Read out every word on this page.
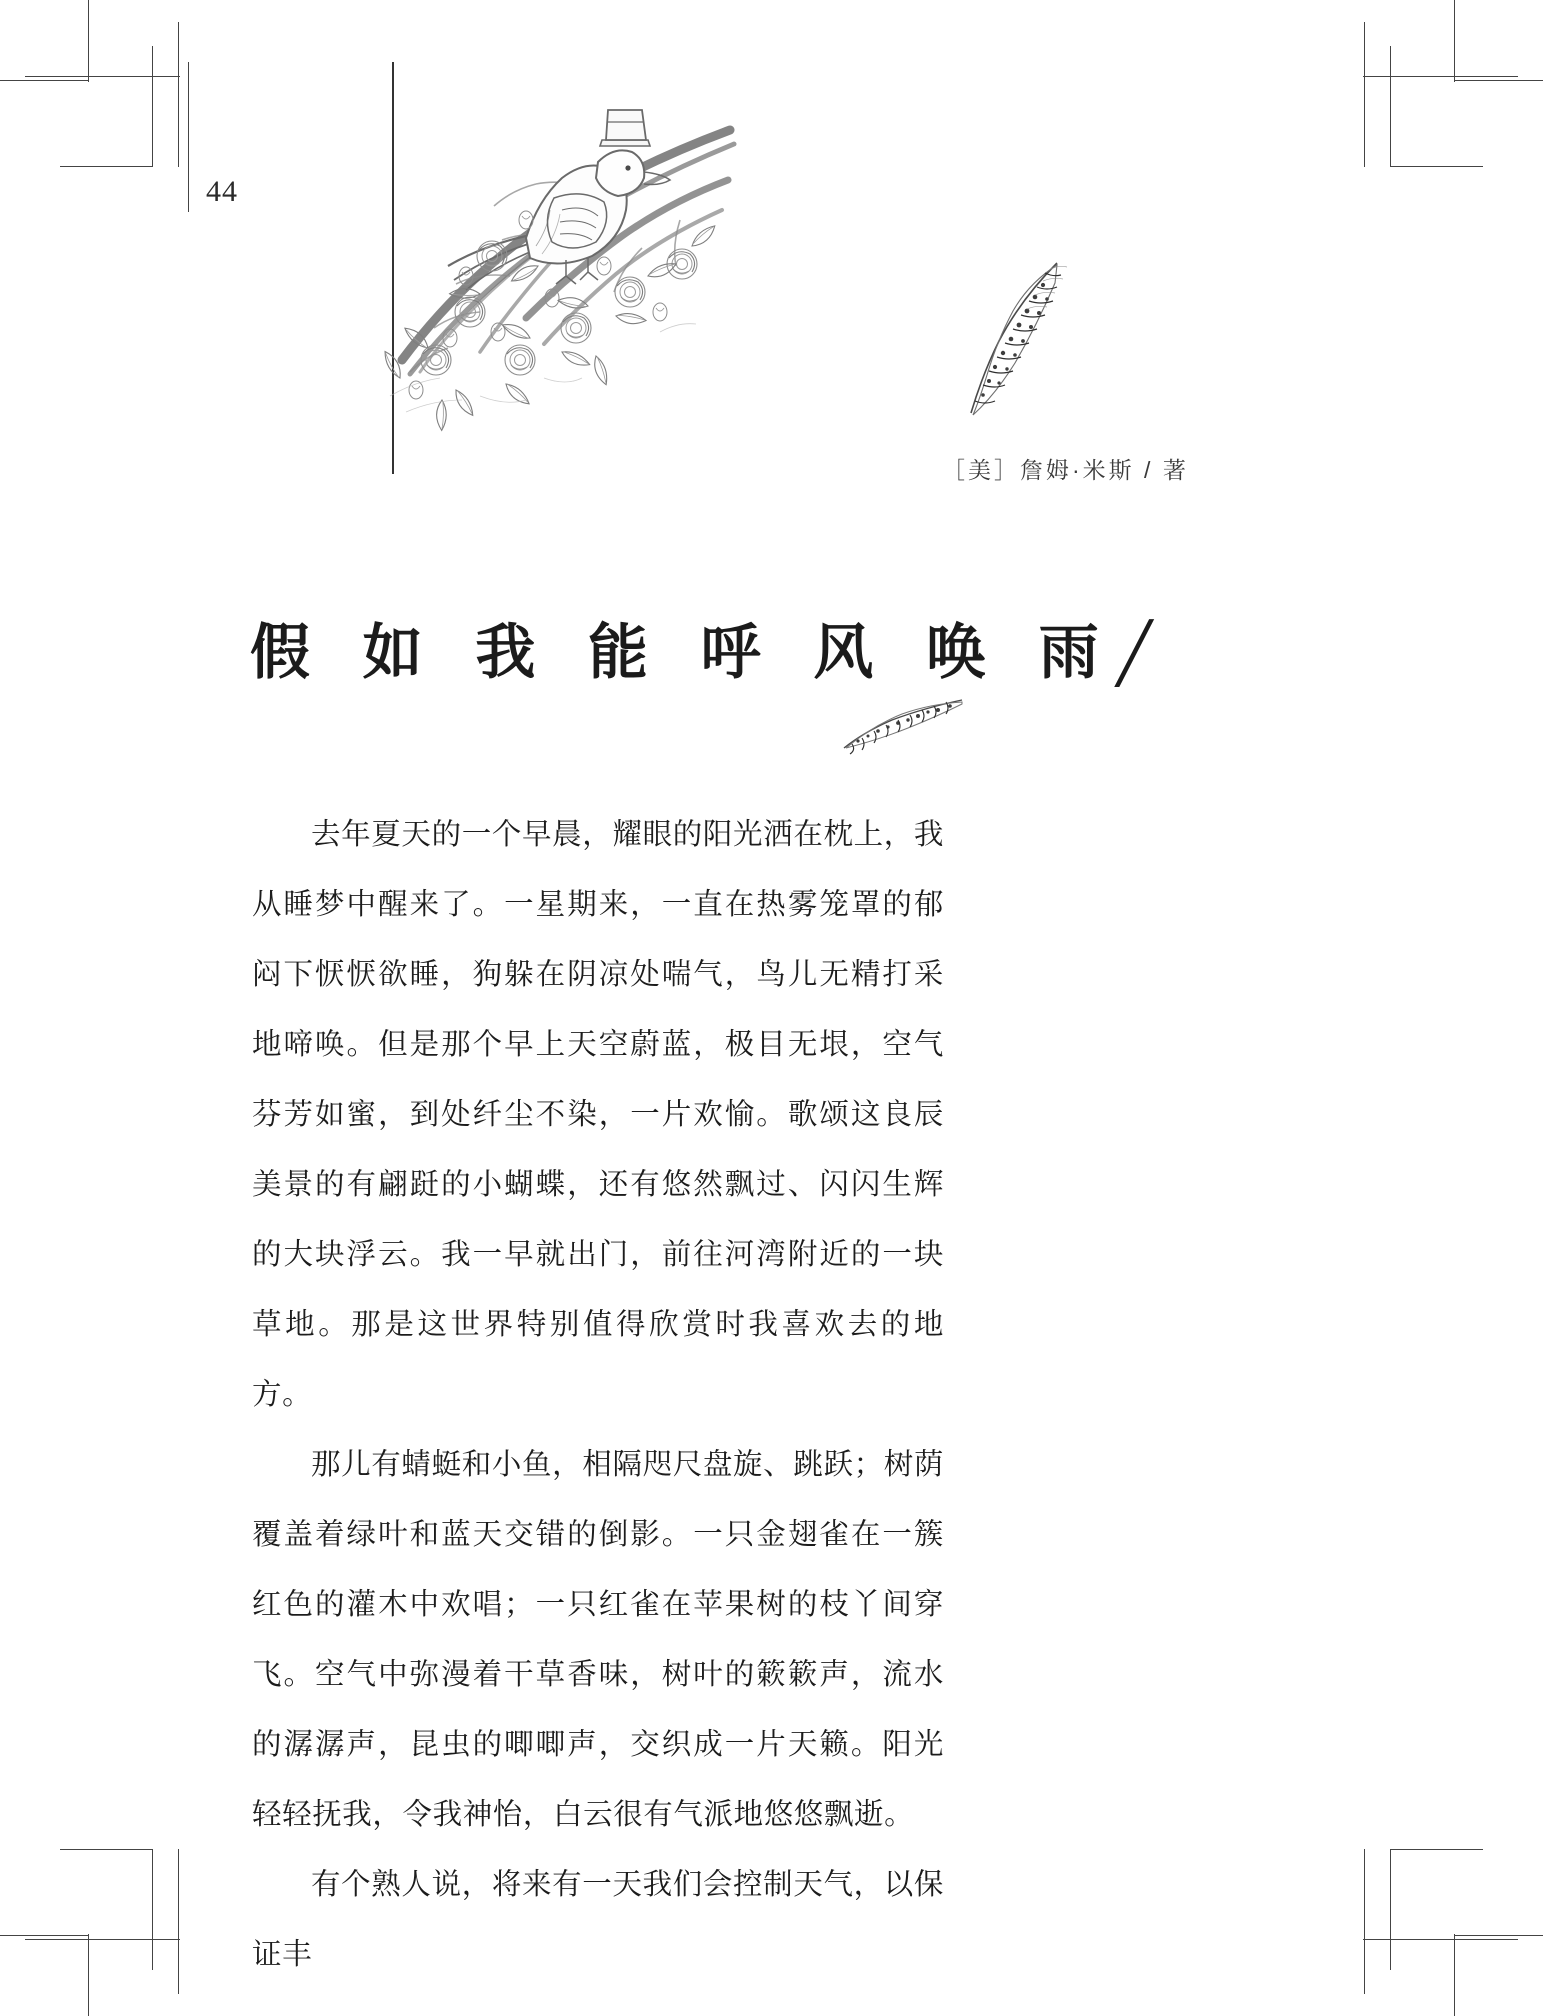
44
［美］詹姆·米斯 / 著
假 如 我 能 呼 风 唤 雨╱

去年夏天的一个早晨，耀眼的阳光洒在枕上，我从睡梦中醒来了。一星期来，一直在热雾笼罩的郁闷下恹恹欲睡，狗躲在阴凉处喘气，鸟儿无精打采地啼唤。但是那个早上天空蔚蓝，极目无垠，空气芬芳如蜜，到处纤尘不染，一片欢愉。歌颂这良辰美景的有翩跹的小蝴蝶，还有悠然飘过、闪闪生辉的大块浮云。我一早就出门，前往河湾附近的一块草地。那是这世界特别值得欣赏时我喜欢去的地方。

那儿有蜻蜓和小鱼，相隔咫尺盘旋、跳跃；树荫覆盖着绿叶和蓝天交错的倒影。一只金翅雀在一簇红色的灌木中欢唱；一只红雀在苹果树的枝丫间穿飞。空气中弥漫着干草香味，树叶的簌簌声，流水的潺潺声，昆虫的唧唧声，交织成一片天籁。阳光轻轻抚我，令我神怡，白云很有气派地悠悠飘逝。

有个熟人说，将来有一天我们会控制天气，以保证丰
